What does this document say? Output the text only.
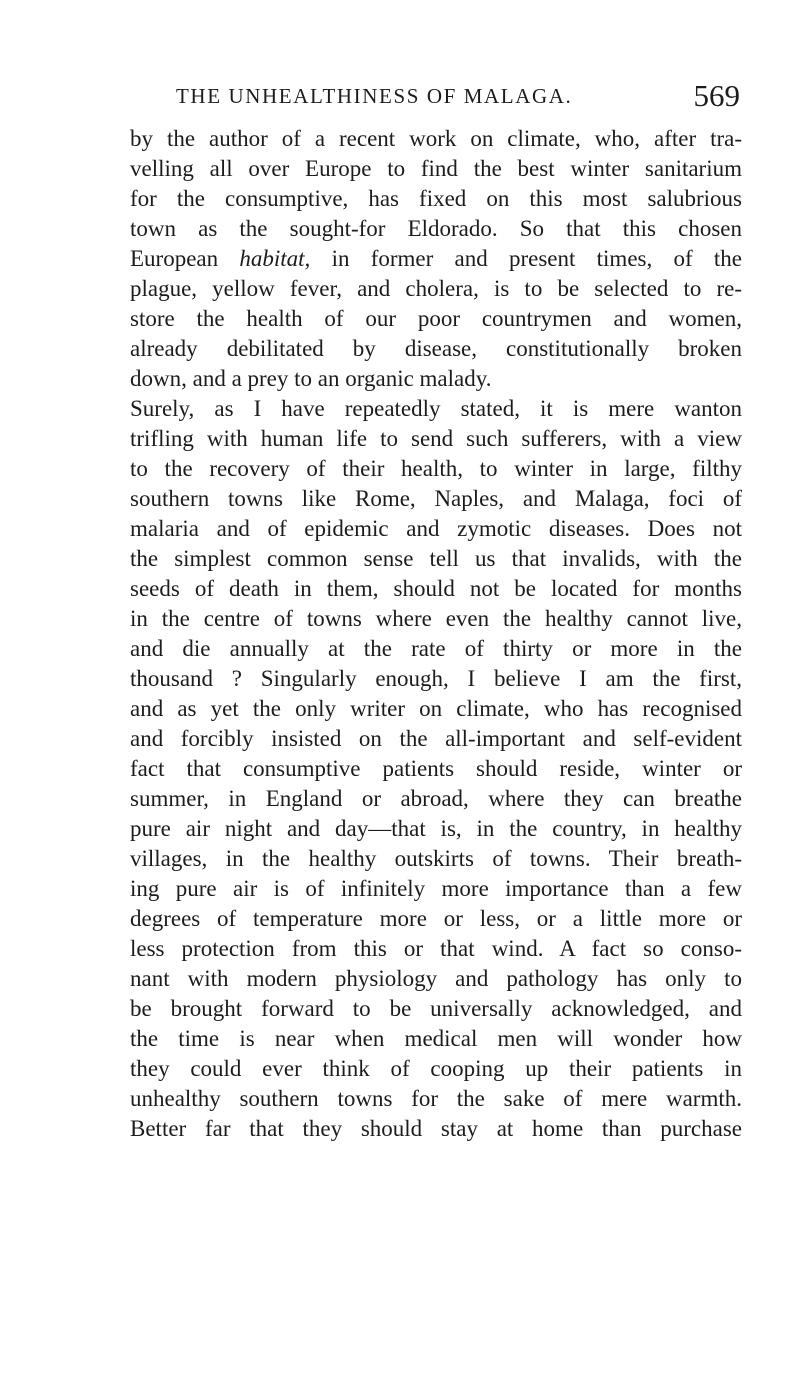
THE UNHEALTHINESS OF MALAGA.	569
by the author of a recent work on climate, who, after tra-
velling all over Europe to find the best winter sanitarium
for the consumptive, has fixed on this most salubrious
town as the sought-for Eldorado. So that this chosen
European habitat, in former and present times, of the
plague, yellow fever, and cholera, is to be selected to re-
store the health of our poor countrymen and women,
already debilitated by disease, constitutionally broken
down, and a prey to an organic malady.
Surely, as I have repeatedly stated, it is mere wanton
trifling with human life to send such sufferers, with a view
to the recovery of their health, to winter in large, filthy
southern towns like Rome, Naples, and Malaga, foci of
malaria and of epidemic and zymotic diseases. Does not
the simplest common sense tell us that invalids, with the
seeds of death in them, should not be located for months
in the centre of towns where even the healthy cannot live,
and die annually at the rate of thirty or more in the
thousand ? Singularly enough, I believe I am the first,
and as yet the only writer on climate, who has recognised
and forcibly insisted on the all-important and self-evident
fact that consumptive patients should reside, winter or
summer, in England or abroad, where they can breathe
pure air night and day—that is, in the country, in healthy
villages, in the healthy outskirts of towns. Their breath-
ing pure air is of infinitely more importance than a few
degrees of temperature more or less, or a little more or
less protection from this or that wind. A fact so conso-
nant with modern physiology and pathology has only to
be brought forward to be universally acknowledged, and
the time is near when medical men will wonder how
they could ever think of cooping up their patients in
unhealthy southern towns for the sake of mere warmth.
Better far that they should stay at home than purchase
